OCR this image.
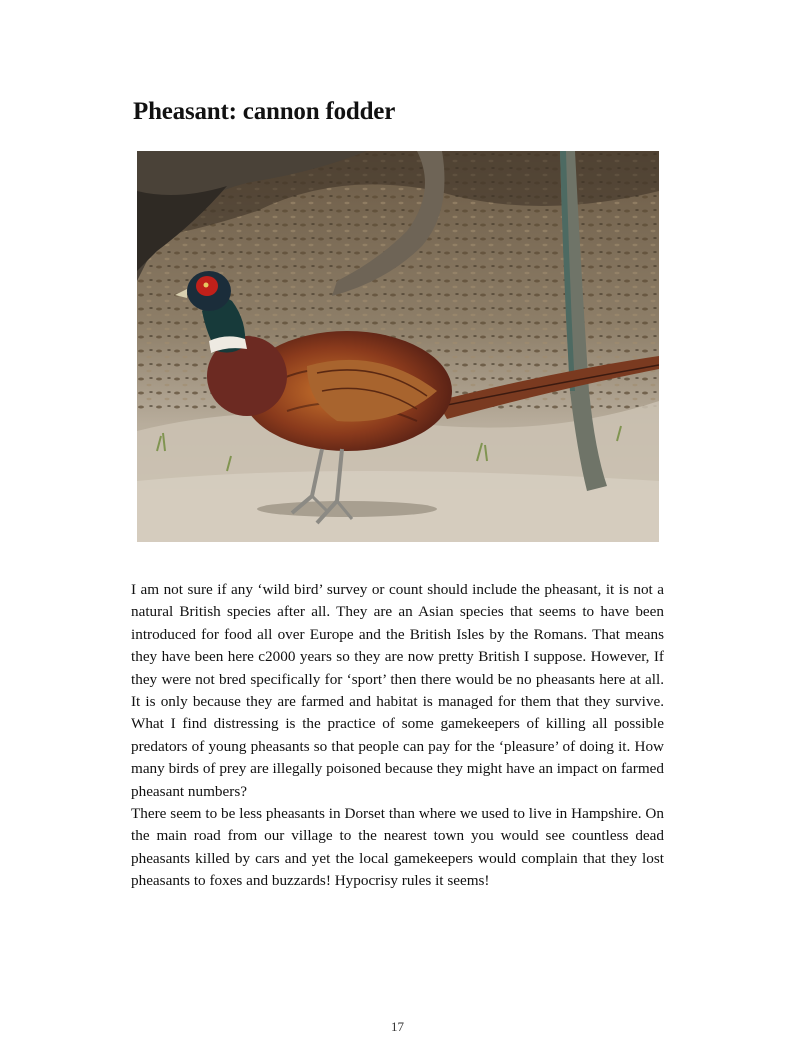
Pheasant: cannon fodder

I am not sure if any ‘wild bird’ survey or count should include the pheasant, it is not a natural British species after all. They are an Asian species that seems to have been introduced for food all over Europe and the British Isles by the Romans. That means they have been here c2000 years so they are now pretty British I suppose. However, If they were not bred specifically for ‘sport’ then there would be no pheasants here at all. It is only because they are farmed and habitat is managed for them that they survive. What I find distressing is the practice of some gamekeepers of killing all possible predators of young pheasants so that people can pay for the ‘pleasure’ of doing it. How many birds of prey are illegally poisoned because they might have an impact on farmed pheasant numbers?

There seem to be less pheasants in Dorset than where we used to live in Hampshire. On the main road from our village to the nearest town you would see countless dead pheasants killed by cars and yet the local gamekeepers would complain that they lost pheasants to foxes and buzzards! Hypocrisy rules it seems!

17
